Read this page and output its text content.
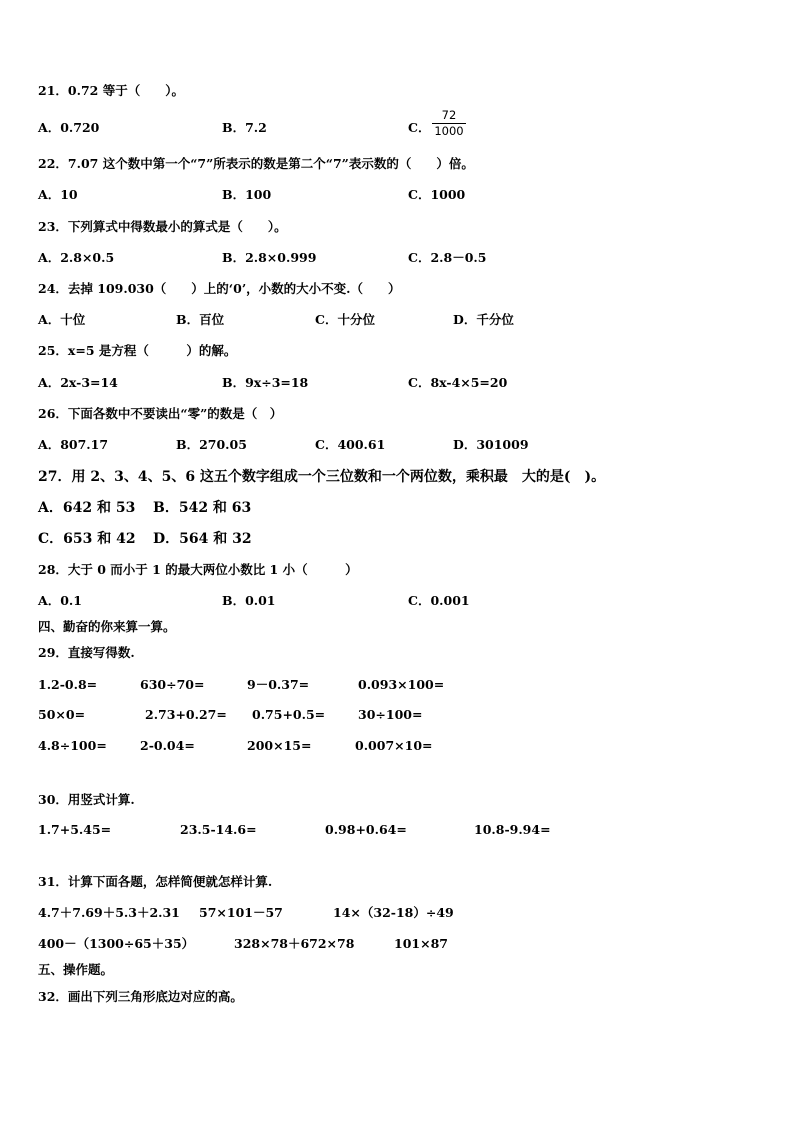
21．0.72 等于（　　）。
A．0.720	B．7.2	C．
72
1000
22．7.07 这个数中第一个“7”所表示的数是第二个“7”表示数的（　　）倍。
A．10	B．100	C．1000
23．下列算式中得数最小的算式是（　　）。
A．2.8×0.5	B．2.8×0.999	C．2.8－0.5
24．去掉 109.030（　　）上的‘0’，小数的大小不变.（　　）
A．十位	B．百位	C．十分位	D．千分位
25．x=5 是方程（　　　）的解。
A．2x-3=14	B．9x÷3=18	C．8x-4×5=20
26．下面各数中不要读出“零”的数是（　）
A．807.17	B．270.05	C．400.61	D．301009
27．用 2、3、4、5、6 这五个数字组成一个三位数和一个两位数，乘积最　大的是(　)。
A．642 和 53 B．542 和 63
C．653 和 42 D．564 和 32
28．大于 0 而小于 1 的最大两位小数比 1 小（　　　）
A．0.1	B．0.01	C．0.001
四、勤奋的你来算一算。
29．直接写得数.
1.2-0.8=	630÷70=	9－0.37=	0.093×100=
50×0=	2.73+0.27= 0.75+0.5=	30÷100=
4.8÷100=	2-0.04=	200×15=	0.007×10=
30．用竖式计算.
1.7+5.45=	23.5-14.6=	0.98+0.64=	10.8-9.94=
31．计算下面各题，怎样简便就怎样计算.
4.7＋7.69＋5.3＋2.31 57×101－57	14×（32-18）÷49
400－（1300÷65＋35）	328×78＋672×78	101×87
五、操作题。
32．画出下列三角形底边对应的高。
